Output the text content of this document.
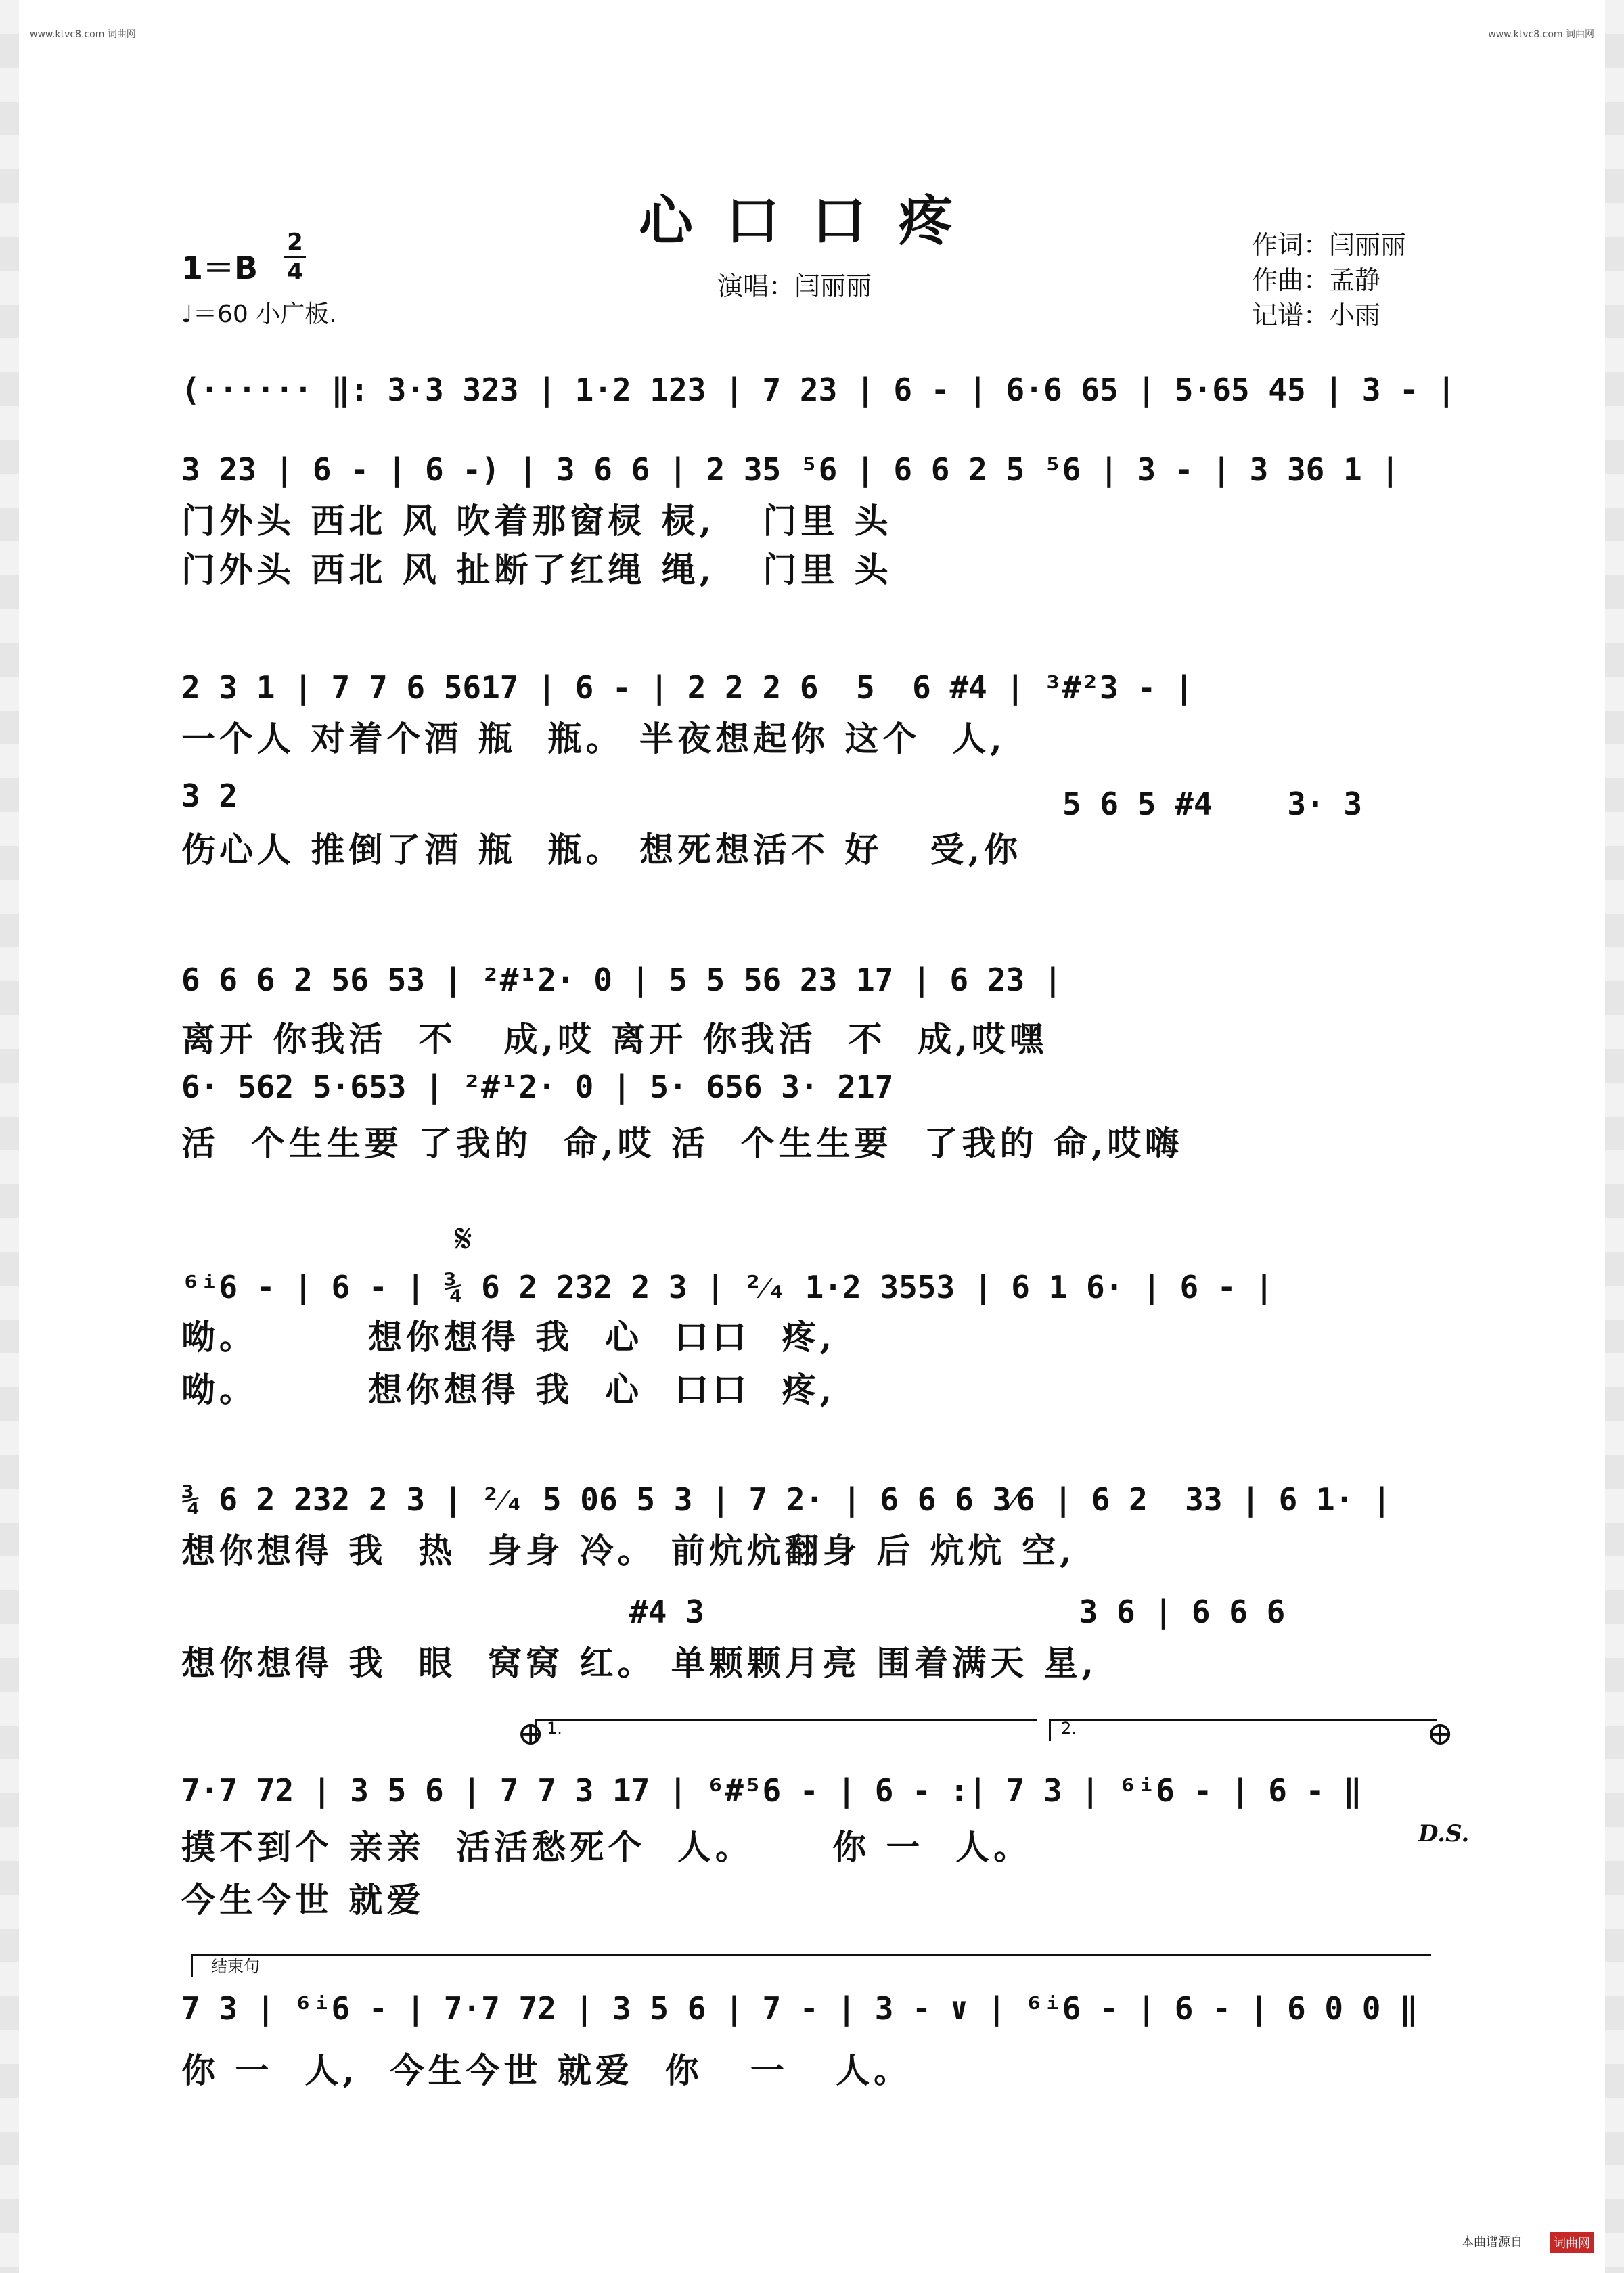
www.ktvc8.com 词曲网	www.ktvc8.com 词曲网
心口口疼
1＝B
2
4
♩＝60 小广板.
演唱：闫丽丽
作词：闫丽丽
作曲：孟静
记谱：小雨
(······ ‖: 3·3 323 | 1·2 123 | 7 23 | 6 - | 6·6 65 | 5·65 45 | 3 - |
3 23 | 6 - | 6 -) | 3 6 6 | 2 35 ⁵6 | 6 6 2 5 ⁵6 | 3 - | 3 36 1 |
门外头 西北 风 吹着那窗棂 棂,   门里 头
门外头 西北 风 扯断了红绳 绳,   门里 头
2 3 1 | 7 7 6 5617 | 6 - | 2 2 2 6  5  6 #4 | ³#²3 - |
一个人 对着个酒 瓶  瓶。 半夜想起你 这个  人,
3 2	5 6 5 #4    3· 3
伤心人 推倒了酒 瓶  瓶。 想死想活不 好   受,你
6 6 6 2 56 53 | ²#¹2· 0 | 5 5 56 23 17 | 6 23 |
离开 你我活  不   成,哎 离开 你我活  不  成,哎嘿
6· 562 5·653 | ²#¹2· 0 | 5· 656 3· 217
活  个生生要 了我的  命,哎 活  个生生要  了我的 命,哎嗨
𝄋
⁶ⁱ6 - | 6 - | ¾ 6 2 232 2 3 | ²⁄₄ 1·2 3553 | 6 1 6· | 6 - |
呦。       想你想得 我  心  口口  疼,
呦。       想你想得 我  心  口口  疼,
¾ 6 2 232 2 3 | ²⁄₄ 5 06 5 3 | 7 2· | 6 6 6 3⁄6 | 6 2  33 | 6 1· |
想你想得 我  热  身身 冷。 前炕炕翻身 后 炕炕 空,
#4 3                    3 6 | 6 6 6
想你想得 我  眼  窝窝 红。 单颗颗月亮 围着满天 星,
1.	2.
⊕	⊕
7·7 72 | 3 5 6 | 7 7 3 17 | ⁶#⁵6 - | 6 - :| 7 3 | ⁶ⁱ6 - | 6 - ‖
D.S.
摸不到个 亲亲  活活愁死个  人。     你 一  人。
今生今世 就爱
结束句
7 3 | ⁶ⁱ6 - | 7·7 72 | 3 5 6 | 7 - | 3 - ∨ | ⁶ⁱ6 - | 6 - | 6 0 0 ‖
你 一  人,  今生今世 就爱  你   一   人。
本曲谱源自	词曲网
